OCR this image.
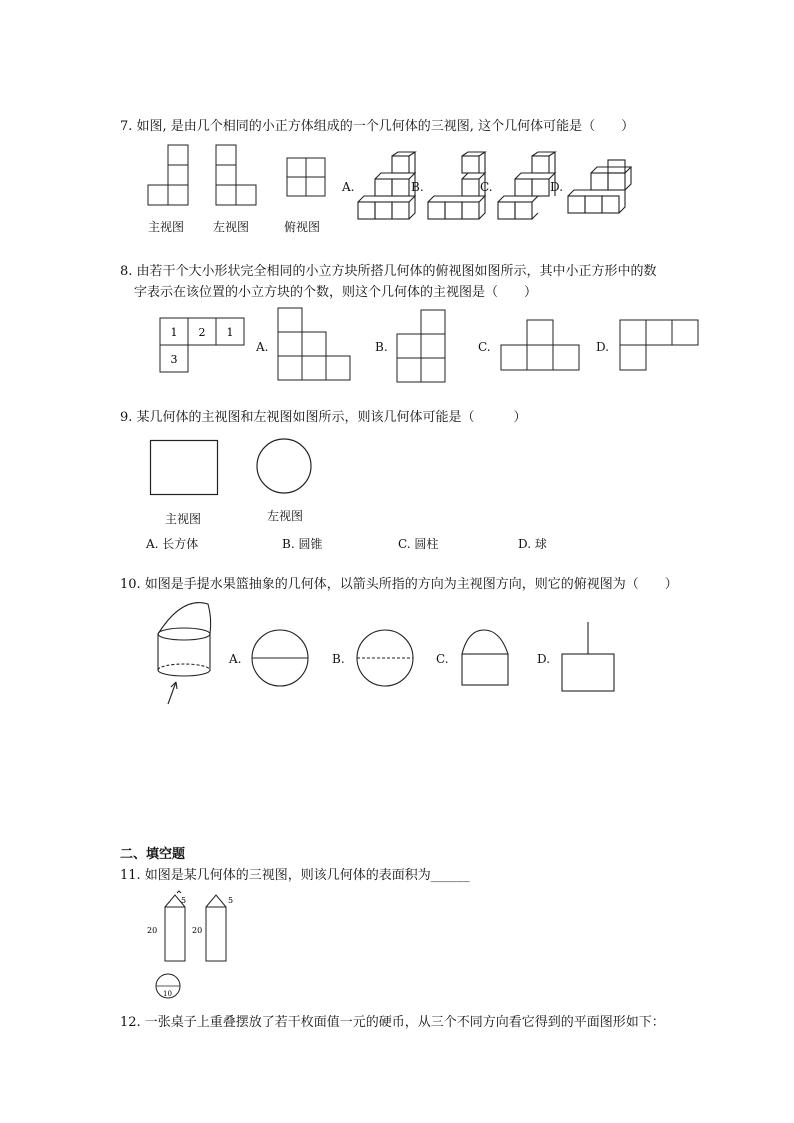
7. 如图, 是由几个相同的小正方体组成的一个几何体的三视图, 这个几何体可能是（　　）
主视图 左视图	俯视图
A.	B.	C.	D.
8. 由若干个大小形状完全相同的小立方块所搭几何体的俯视图如图所示，其中小正方形中的数
字表示在该位置的小立方块的个数，则这个几何体的主视图是（　　）
1 2 1
3
A.	B.	C.	D.
9. 某几何体的主视图和左视图如图所示，则该几何体可能是（　　　）
主视图	左视图
A. 长方体	B. 圆锥	C. 圆柱	D. 球
10. 如图是手提水果篮抽象的几何体，以箭头所指的方向为主视图方向，则它的俯视图为（　　）
A.	B.	C.	D.
二、填空题
11. 如图是某几何体的三视图，则该几何体的表面积为______
5
20
5
20
10
12. 一张桌子上重叠摆放了若干枚面值一元的硬币，从三个不同方向看它得到的平面图形如下：
